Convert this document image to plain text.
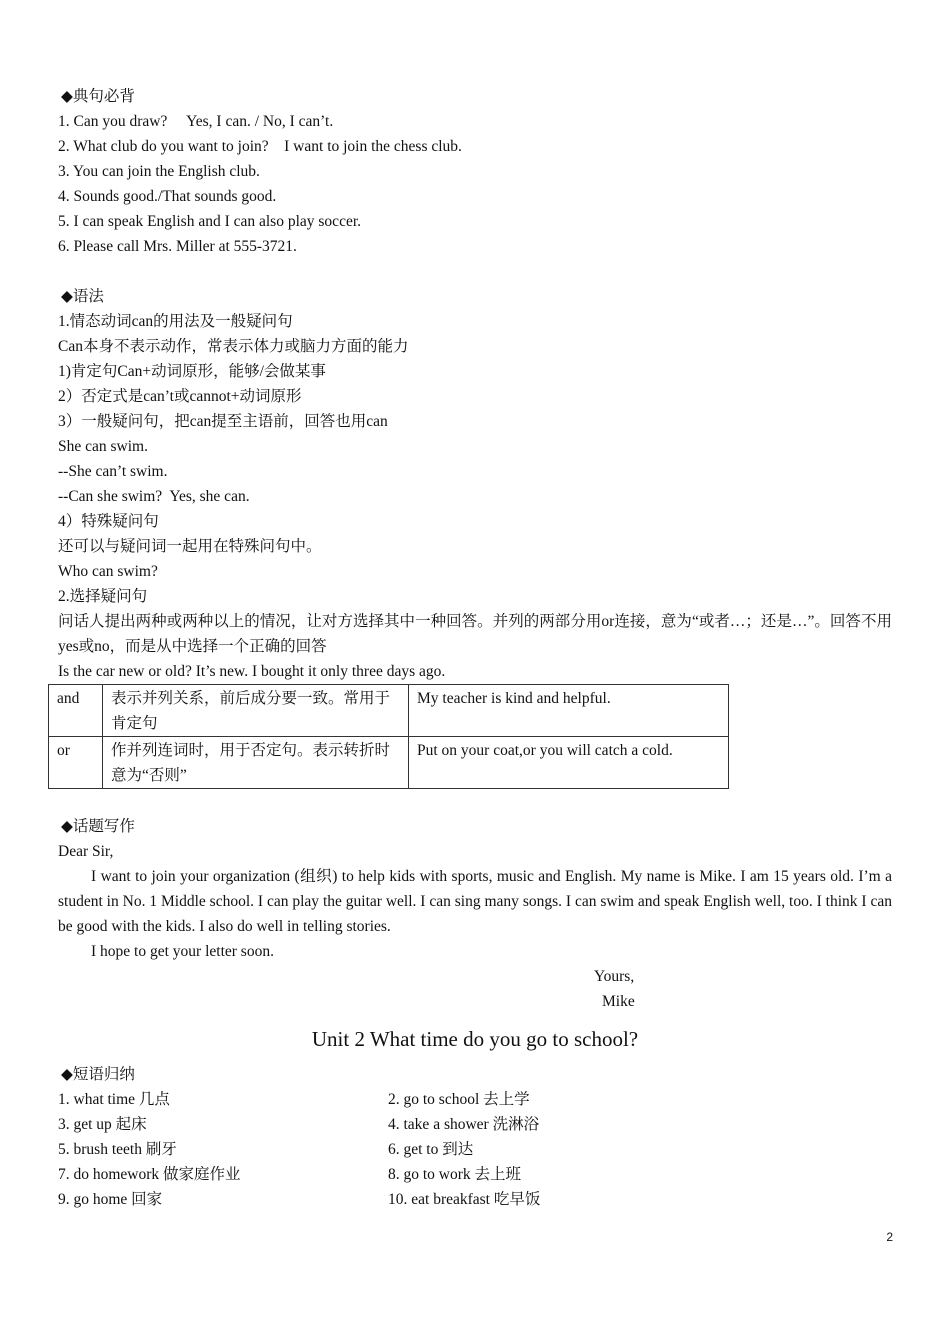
◆典句必背
1. Can you draw?     Yes, I can. / No, I can’t.
2. What club do you want to join?    I want to join the chess club.
3. You can join the English club.
4. Sounds good./That sounds good.
5. I can speak English and I can also play soccer.
6. Please call Mrs. Miller at 555-3721.
◆语法
1.情态动词can的用法及一般疑问句
Can本身不表示动作，常表示体力或脑力方面的能力
1)肯定句Can+动词原形，能够/会做某事
2）否定式是can’t或cannot+动词原形
3）一般疑问句，把can提至主语前，回答也用can
She can swim.
--She can’t swim.
--Can she swim?  Yes, she can.
4）特殊疑问句
还可以与疑问词一起用在特殊问句中。
Who can swim?
2.选择疑问句
问话人提出两种或两种以上的情况，让对方选择其中一种回答。并列的两部分用or连接，意为“或者…；还是…”。回答不用yes或no，而是从中选择一个正确的回答
Is the car new or old? It’s new. I bought it only three days ago.
and	表示并列关系，前后成分要一致。常用于肯定句	My teacher is kind and helpful.
or	作并列连词时，用于否定句。表示转折时意为“否则”	Put on your coat,or you will catch a cold.
◆话题写作
Dear Sir,
I want to join your organization (组织) to help kids with sports, music and English. My name is Mike. I am 15 years old. I’m a student in No. 1 Middle school. I can play the guitar well. I can sing many songs. I can swim and speak English well, too. I think I can be good with the kids. I also do well in telling stories.
I hope to get your letter soon.
Yours,
Mike
Unit 2 What time do you go to school?
◆短语归纳
1. what time 几点	2. go to school 去上学
3. get up 起床	4. take a shower 洗淋浴
5. brush teeth 刷牙	6. get to 到达
7. do homework 做家庭作业	8. go to work 去上班
9. go home 回家	10. eat breakfast 吃早饭
2
